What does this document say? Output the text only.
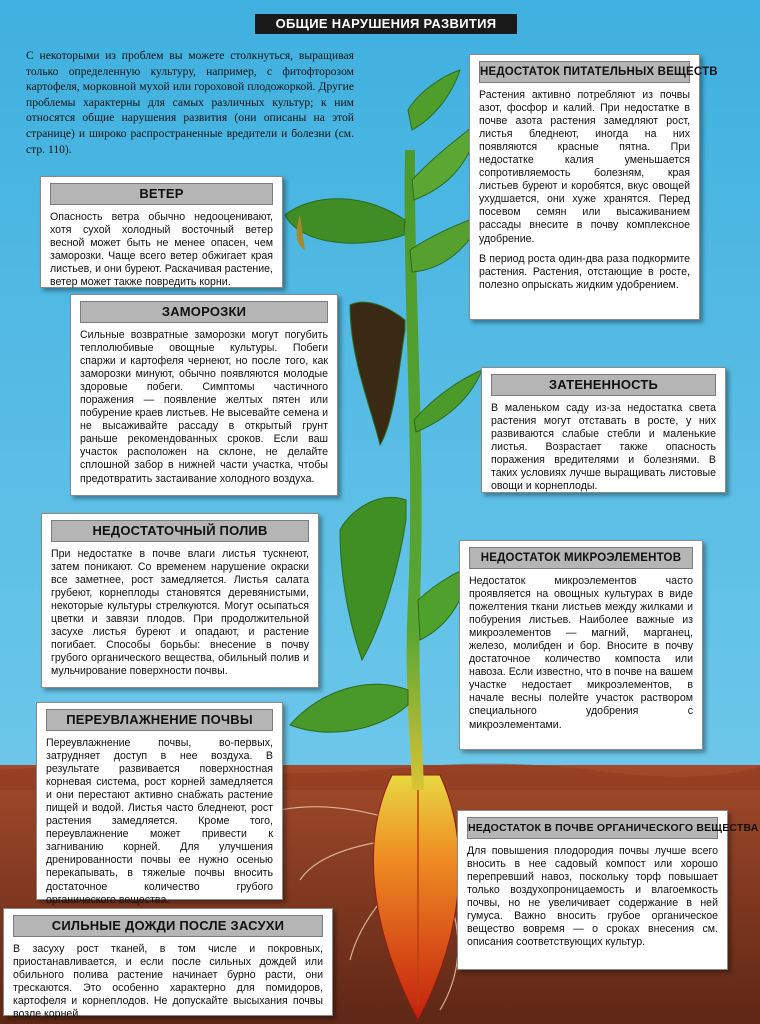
ОБЩИЕ НАРУШЕНИЯ РАЗВИТИЯ
С некоторыми из проблем вы можете столкнуться, выращивая только определенную культуру, например, с фитофторозом картофеля, морковной мухой или гороховой плодожоркой. Другие проблемы характерны для самых различных культур; к ним относятся общие нарушения развития (они описаны на этой странице) и широко распространенные вредители и болезни (см. стр. 110).
ВЕТЕР

Опасность ветра обычно недооценивают, хотя сухой холодный восточный ветер весной может быть не менее опасен, чем заморозки. Чаще всего ветер обжигает края листьев, и они буреют. Раскачивая растение, ветер может также повредить корни.

ЗАМОРОЗКИ

Сильные возвратные заморозки могут погубить теплолюбивые овощные культуры. Побеги спаржи и картофеля чернеют, но после того, как заморозки минуют, обычно появляются молодые здоровые побеги. Симптомы частичного поражения — появление желтых пятен или побурение краев листьев. Не высевайте семена и не высаживайте рассаду в открытый грунт раньше рекомендованных сроков. Если ваш участок расположен на склоне, не делайте сплошной забор в нижней части участка, чтобы предотвратить застаивание холодного воздуха.

НЕДОСТАТОЧНЫЙ ПОЛИВ

При недостатке в почве влаги листья тускнеют, затем поникают. Со временем нарушение окраски все заметнее, рост замедляется. Листья салата грубеют, корнеплоды становятся деревянистыми, некоторые культуры стрелкуются. Могут осыпаться цветки и завязи плодов. При продолжительной засухе листья буреют и опадают, и растение погибает. Способы борьбы: внесение в почву грубого органического вещества, обильный полив и мульчирование поверхности почвы.

ПЕРЕУВЛАЖНЕНИЕ ПОЧВЫ

Переувлажнение почвы, во-первых, затрудняет доступ в нее воздуха. В результате развивается поверхностная корневая система, рост корней замедляется и они перестают активно снабжать растение пищей и водой. Листья часто бледнеют, рост растения замедляется. Кроме того, переувлажнение может привести к загниванию корней. Для улучшения дренированности почвы ее нужно осенью перекапывать, в тяжелые почвы вносить достаточное количество грубого органического вещества.

СИЛЬНЫЕ ДОЖДИ ПОСЛЕ ЗАСУХИ

В засуху рост тканей, в том числе и покровных, приостанавливается, и если после сильных дождей или обильного полива растение начинает бурно расти, они трескаются. Это особенно характерно для помидоров, картофеля и корнеплодов. Не допускайте высыхания почвы возле корней.

НЕДОСТАТОК ПИТАТЕЛЬНЫХ ВЕЩЕСТВ

Растения активно потребляют из почвы азот, фосфор и калий. При недостатке в почве азота растения замедляют рост, листья бледнеют, иногда на них появляются красные пятна. При недостатке калия уменьшается сопротивляемость болезням, края листьев буреют и коробятся, вкус овощей ухудшается, они хуже хранятся. Перед посевом семян или высаживанием рассады внесите в почву комплексное удобрение.

В период роста один-два раза подкормите растения. Растения, отстающие в росте, полезно опрыскать жидким удобрением.

ЗАТЕНЕННОСТЬ

В маленьком саду из-за недостатка света растения могут отставать в росте, у них развиваются слабые стебли и маленькие листья. Возрастает также опасность поражения вредителями и болезнями. В таких условиях лучше выращивать листовые овощи и корнеплоды.

НЕДОСТАТОК МИКРОЭЛЕМЕНТОВ

Недостаток микроэлементов часто проявляется на овощных культурах в виде пожелтения ткани листьев между жилками и побурения листьев. Наиболее важные из микроэлементов — магний, марганец, железо, молибден и бор. Вносите в почву достаточное количество компоста или навоза. Если известно, что в почве на вашем участке недостает микроэлементов, в начале весны полейте участок раствором специального удобрения с микроэлементами.

НЕДОСТАТОК В ПОЧВЕ ОРГАНИЧЕСКОГО ВЕЩЕСТВА

Для повышения плодородия почвы лучше всего вносить в нее садовый компост или хорошо перепревший навоз, поскольку торф повышает только воздухопроницаемость и влагоемкость почвы, но не увеличивает содержание в ней гумуса. Важно вносить грубое органическое вещество вовремя — о сроках внесения см. описания соответствующих культур.
